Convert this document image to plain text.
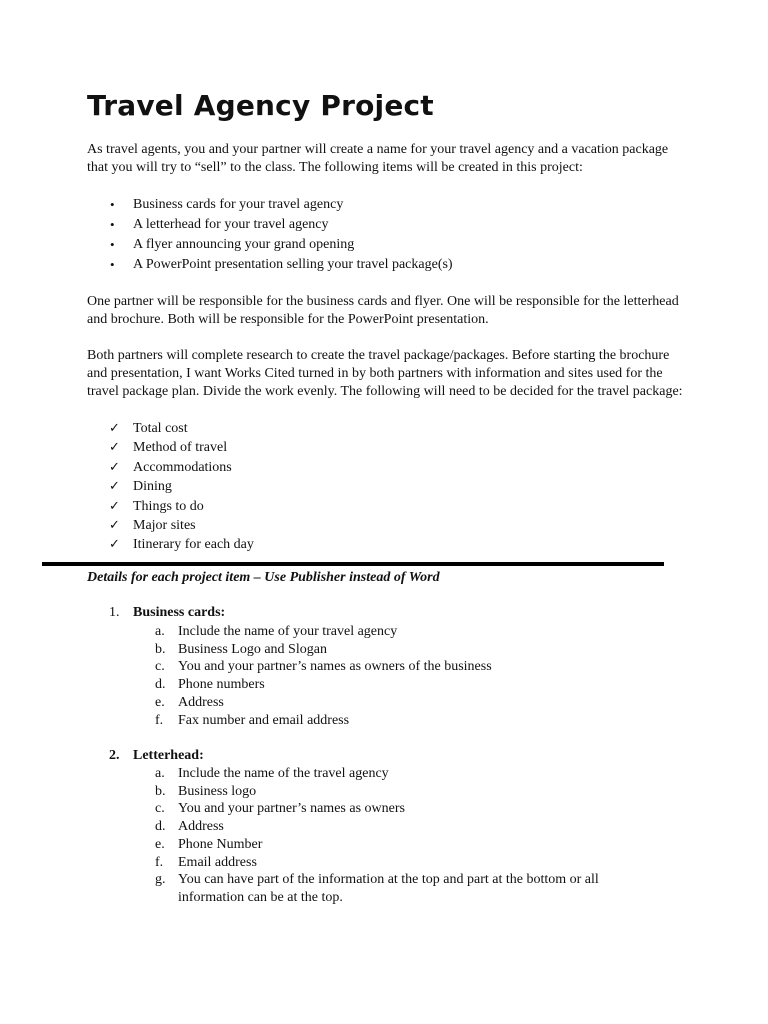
Travel Agency Project

As travel agents, you and your partner will create a name for your travel agency and a vacation package that you will try to “sell” to the class. The following items will be created in this project:

• Business cards for your travel agency
• A letterhead for your travel agency
• A flyer announcing your grand opening
• A PowerPoint presentation selling your travel package(s)

One partner will be responsible for the business cards and flyer. One will be responsible for the letterhead and brochure. Both will be responsible for the PowerPoint presentation.

Both partners will complete research to create the travel package/packages. Before starting the brochure and presentation, I want Works Cited turned in by both partners with information and sites used for the travel package plan. Divide the work evenly. The following will need to be decided for the travel package:

✓ Total cost
✓ Method of travel
✓ Accommodations
✓ Dining
✓ Things to do
✓ Major sites
✓ Itinerary for each day

Details for each project item – Use Publisher instead of Word

1. Business cards:
a. Include the name of your travel agency
b. Business Logo and Slogan
c. You and your partner’s names as owners of the business
d. Phone numbers
e. Address
f. Fax number and email address
2. Letterhead:
a. Include the name of the travel agency
b. Business logo
c. You and your partner’s names as owners
d. Address
e. Phone Number
f. Email address
g. You can have part of the information at the top and part at the bottom or all information can be at the top.
